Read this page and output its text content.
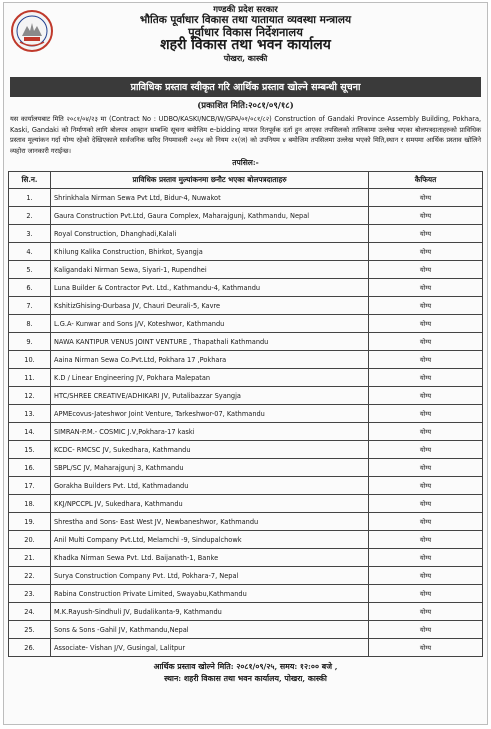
गण्डकी प्रदेश सरकार
भौतिक पूर्वाधार विकास तथा यातायात व्यवस्था मन्त्रालय
पूर्वाधार विकास निर्देशनालय
शहरी विकास तथा भवन कार्यालय
पोखरा, कास्की
प्राविधिक प्रस्ताव स्वीकृत गरि आर्थिक प्रस्ताव खोल्ने सम्बन्धी सूचना
(प्रकाशित मिति:२०८१/०९/१८)
यस कार्यालयबाट मिति २०८१/०४/२३ मा (Contract No : UDBO/KASKI/NCB/W/GPA/०१/०८१/८२) Construction of Gandaki Province Assembly Building, Pokhara, Kaski, Gandaki को निर्माणको लागि बोलपत्र आव्हान सम्बन्धि सूचना बमोजिम e-bidding माफत रितपूर्वक दर्ता हुन आएका तपसिलको तालिकामा उल्लेख भएका बोलपत्रदाताहरुको प्राविधिक प्रस्ताव मूल्यांकन गर्दा योग्य रहेको देखिएकाले सार्वजनिक खरिद नियमावली २०६४ को नियम २१(ज) को उपनियम ४ बमोजिम तपसिलमा उल्लेख भएको मिति,स्थान र समयमा आर्थिक प्रस्ताव खोलिने व्यहोरा जानकारी गराईन्छ।
तपसिल:-
सि.न.	प्राविधिक प्रस्ताव मुल्यांकनमा छनौट भएका बोलपत्रदाताहरु	कैफियत
1.	Shrinkhala Nirman Sewa Pvt Ltd, Bidur-4, Nuwakot	योग्य
2.	Gaura Construction Pvt.Ltd, Gaura Complex, Maharajgunj, Kathmandu, Nepal	योग्य
3.	Royal Construction, Dhanghadi,Kalali	योग्य
4.	Khilung Kalika Construction, Bhirkot, Syangja	योग्य
5.	Kaligandaki Nirman Sewa, Siyari-1, Rupendhei	योग्य
6.	Luna Builder & Contractor Pvt. Ltd., Kathmandu-4, Kathmandu	योग्य
7.	KshitizGhising-Durbasa JV, Chauri Deurali-5, Kavre	योग्य
8.	L.G.A- Kunwar and Sons J/V, Koteshwor, Kathmandu	योग्य
9.	NAWA KANTIPUR VENUS JOINT VENTURE , Thapathali Kathmandu	योग्य
10.	Aaina Nirman Sewa Co.Pvt.Ltd, Pokhara 17 ,Pokhara	योग्य
11.	K.D / Linear Engineering JV, Pokhara Malepatan	योग्य
12.	HTC/SHREE CREATIVE/ADHIKARI JV, Putalibazzar Syangja	योग्य
13.	APMEcovus-Jateshwor Joint Venture, Tarkeshwor-07, Kathmandu	योग्य
14.	SIMRAN-P.M.- COSMIC J.V,Pokhara-17 kaski	योग्य
15.	KCDC- RMCSC JV, Sukedhara, Kathmandu	योग्य
16.	SBPL/SC JV, Maharajgunj 3, Kathmandu	योग्य
17.	Gorakha Builders Pvt. Ltd, Kathmadandu	योग्य
18.	KKJ/NPCCPL JV, Sukedhara, Kathmandu	योग्य
19.	Shrestha and Sons- East West JV, Newbaneshwor, Kathmandu	योग्य
20.	Anil Multi Company Pvt.Ltd, Melamchi -9, Sindupalchowk	योग्य
21.	Khadka Nirman Sewa Pvt. Ltd. Baijanath-1, Banke	योग्य
22.	Surya Construction Company Pvt. Ltd, Pokhara-7, Nepal	योग्य
23.	Rabina Construction Private Limited, Swayabu,Kathmandu	योग्य
24.	M.K.Rayush-Sindhuli JV, Budalikanta-9, Kathmandu	योग्य
25.	Sons & Sons -Gahil JV, Kathmandu,Nepal	योग्य
26.	Associate- Vishan J/V, Gusingal, Lalitpur	योग्य
आर्थिक प्रस्ताव खोल्ने मिति: २०८१/०९/२५, समय: १२:०० बजे ,
स्थान: शहरी विकास तथा भवन कार्यालय, पोखरा, कास्की
